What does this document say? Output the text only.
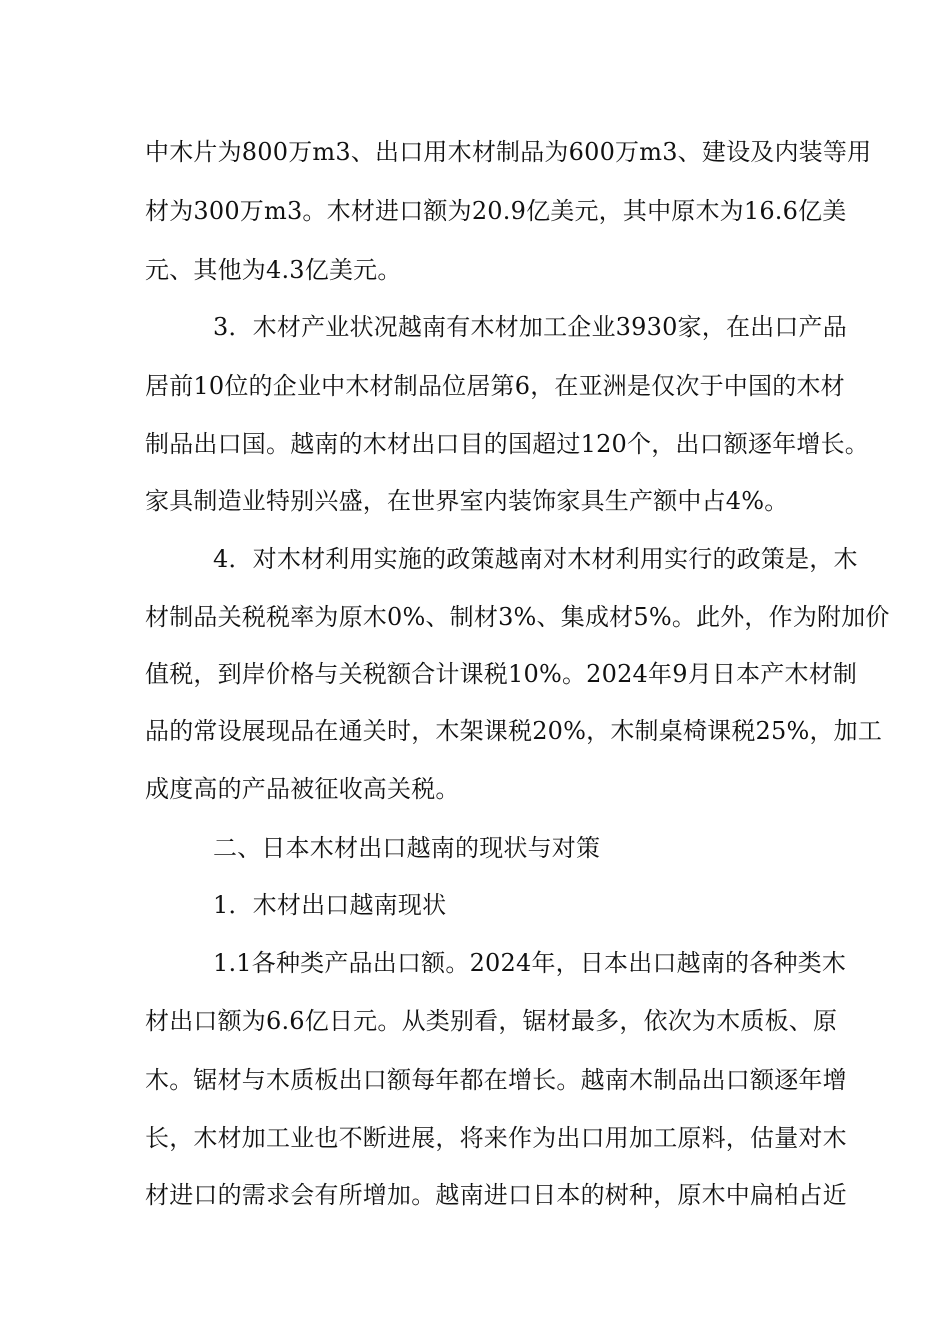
中木片为800万m3、出口用木材制品为600万m3、建设及内装等用
材为300万m3。木材进口额为20.9亿美元，其中原木为16.6亿美
元、其他为4.3亿美元。
3．木材产业状况越南有木材加工企业3930家，在出口产品
居前10位的企业中木材制品位居第6，在亚洲是仅次于中国的木材
制品出口国。越南的木材出口目的国超过120个，出口额逐年增长。
家具制造业特别兴盛，在世界室内装饰家具生产额中占4%。
4．对木材利用实施的政策越南对木材利用实行的政策是，木
材制品关税税率为原木0%、制材3%、集成材5%。此外，作为附加价
值税，到岸价格与关税额合计课税10%。2024年9月日本产木材制
品的常设展现品在通关时，木架课税20%，木制桌椅课税25%，加工
成度高的产品被征收高关税。
二、日本木材出口越南的现状与对策
1．木材出口越南现状
1.1各种类产品出口额。2024年，日本出口越南的各种类木
材出口额为6.6亿日元。从类别看，锯材最多，依次为木质板、原
木。锯材与木质板出口额每年都在增长。越南木制品出口额逐年增
长，木材加工业也不断进展，将来作为出口用加工原料，估量对木
材进口的需求会有所增加。越南进口日本的树种，原木中扁柏占近
